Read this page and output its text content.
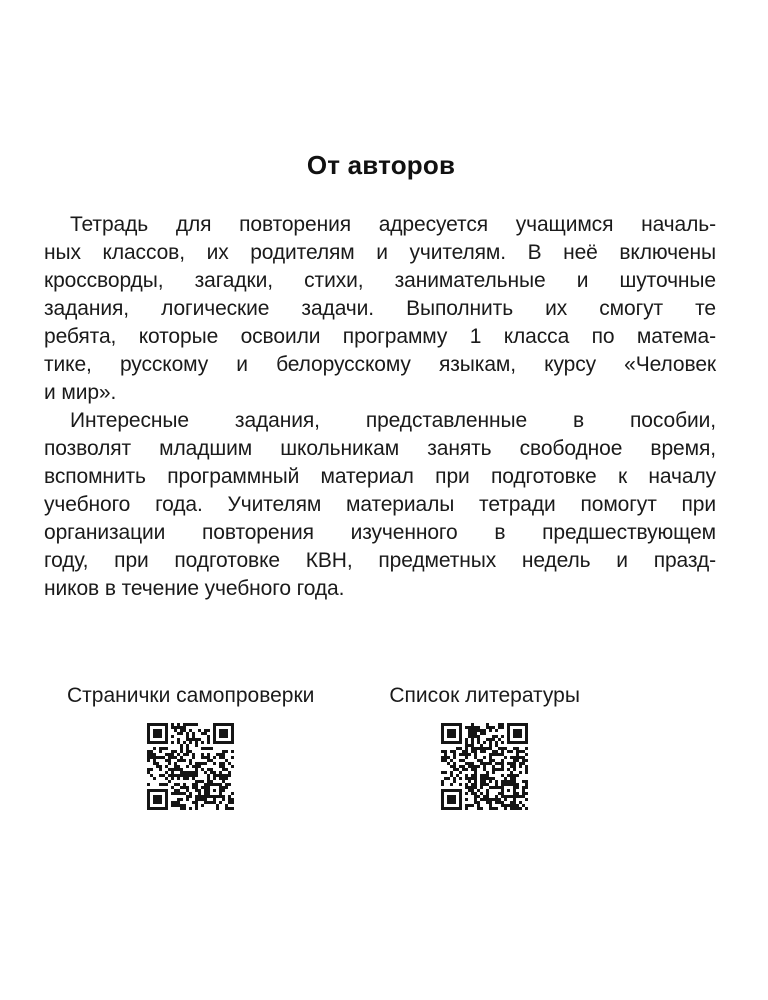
От авторов
Тетрадь для повторения адресуется учащимся началь-
ных классов, их родителям и учителям. В неё включены
кроссворды, загадки, стихи, занимательные и шуточные
задания, логические задачи. Выполнить их смогут те
ребята, которые освоили программу 1 класса по матема-
тике, русскому и белорусскому языкам, курсу «Человек
и мир».
Интересные задания, представленные в пособии,
позволят младшим школьникам занять свободное время,
вспомнить программный материал при подготовке к началу
учебного года. Учителям материалы тетради помогут при
организации повторения изученного в предшествующем
году, при подготовке КВН, предметных недель и празд-
ников в течение учебного года.
Странички самопроверки	Список литературы
